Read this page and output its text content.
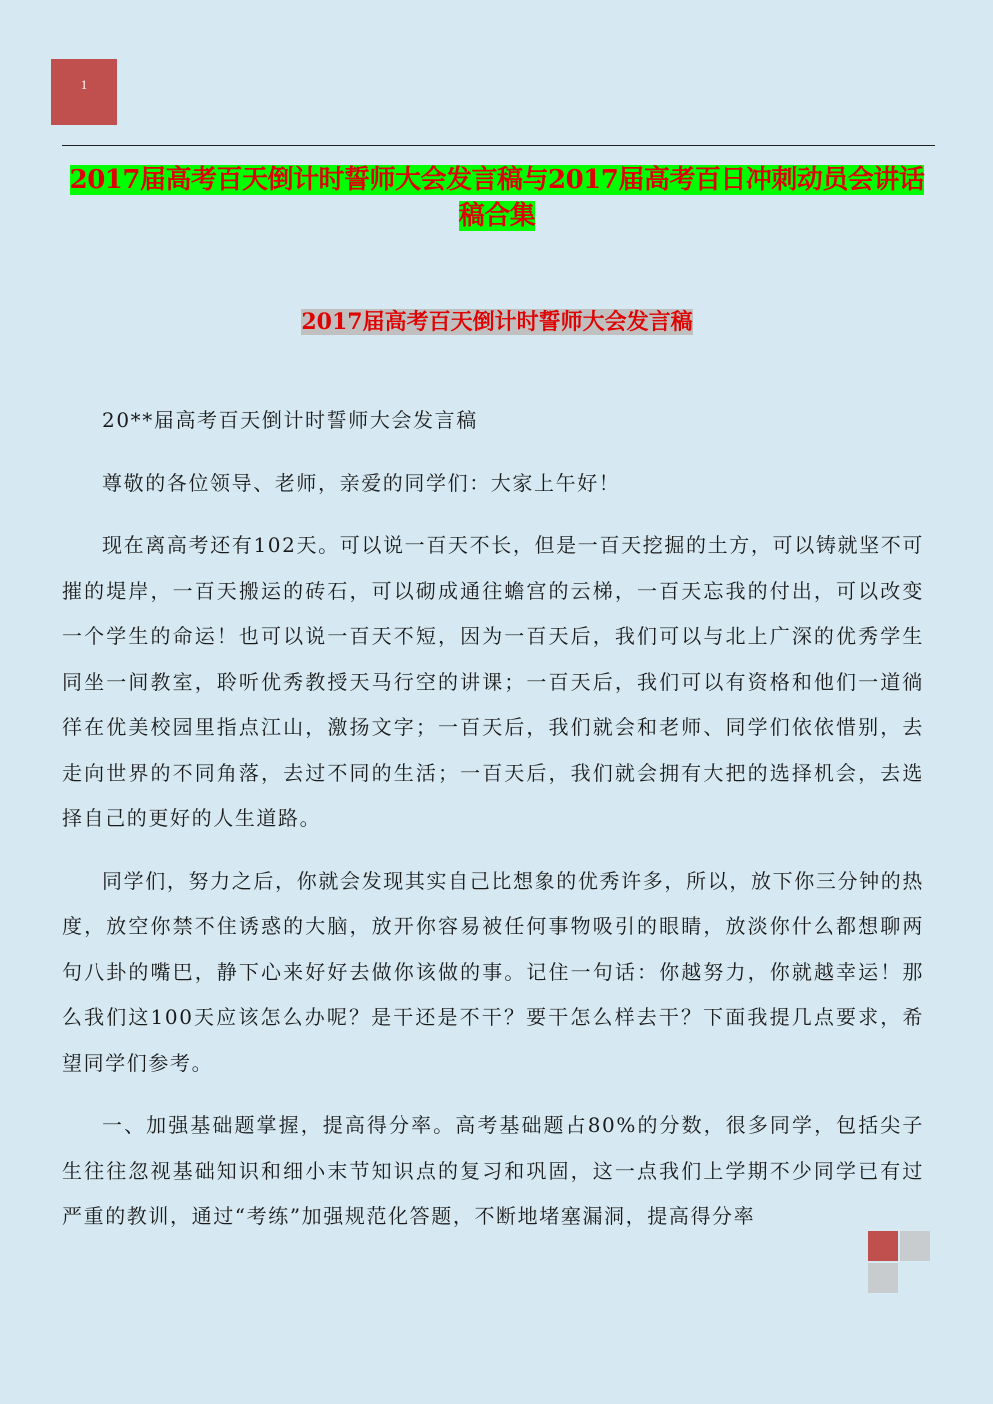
1
2017届高考百天倒计时誓师大会发言稿与2017届高考百日冲刺动员会讲话稿合集
2017届高考百天倒计时誓师大会发言稿

20**届高考百天倒计时誓师大会发言稿

尊敬的各位领导、老师，亲爱的同学们：大家上午好！

现在离高考还有102天。可以说一百天不长，但是一百天挖掘的土方，可以铸就坚不可摧的堤岸，一百天搬运的砖石，可以砌成通往蟾宫的云梯，一百天忘我的付出，可以改变一个学生的命运！也可以说一百天不短，因为一百天后，我们可以与北上广深的优秀学生同坐一间教室，聆听优秀教授天马行空的讲课；一百天后，我们可以有资格和他们一道徜徉在优美校园里指点江山，激扬文字；一百天后，我们就会和老师、同学们依依惜别，去走向世界的不同角落，去过不同的生活；一百天后，我们就会拥有大把的选择机会，去选择自己的更好的人生道路。

同学们，努力之后，你就会发现其实自己比想象的优秀许多，所以，放下你三分钟的热度，放空你禁不住诱惑的大脑，放开你容易被任何事物吸引的眼睛，放淡你什么都想聊两句八卦的嘴巴，静下心来好好去做你该做的事。记住一句话：你越努力，你就越幸运！那么我们这100天应该怎么办呢？是干还是不干？要干怎么样去干？下面我提几点要求，希望同学们参考。

一、加强基础题掌握，提高得分率。高考基础题占80%的分数，很多同学，包括尖子生往往忽视基础知识和细小末节知识点的复习和巩固，这一点我们上学期不少同学已有过严重的教训，通过“考练”加强规范化答题，不断地堵塞漏洞，提高得分率
